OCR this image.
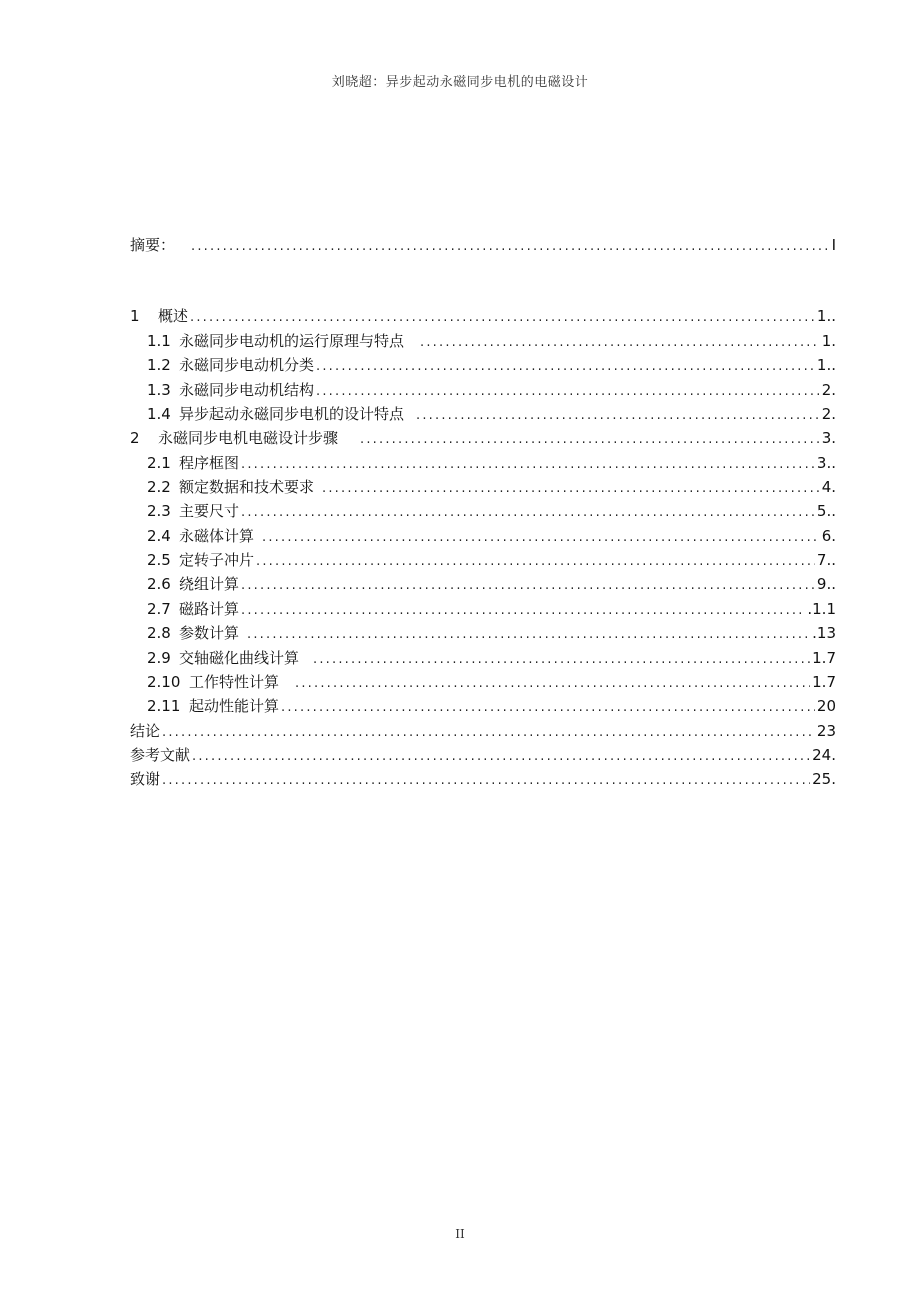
刘晓超：异步起动永磁同步电机的电磁设计
摘要： .....	I
1	概述 .....	1..
1.1 永磁同步电动机的运行原理与特点 .....	1.
1.2 永磁同步电动机分类 .....	1..
1.3 永磁同步电动机结构 .....	2.
1.4 异步起动永磁同步电机的设计特点 .....	2.
2	永磁同步电机电磁设计步骤 .....	3.
2.1 程序框图 .....	3..
2.2 额定数据和技术要求 .....	4.
2.3 主要尺寸 .....	5..
2.4 永磁体计算 .....	6.
2.5 定转子冲片 .....	7..
2.6 绕组计算 .....	9..
2.7 磁路计算 .....	.1.1
2.8 参数计算 .....	.13
2.9 交轴磁化曲线计算 .....	1.7
2.10 工作特性计算 .....	1.7
2.11 起动性能计算 .....	20
结论 .....	23
参考文献 .....	24.
致谢 .....	25.
II
